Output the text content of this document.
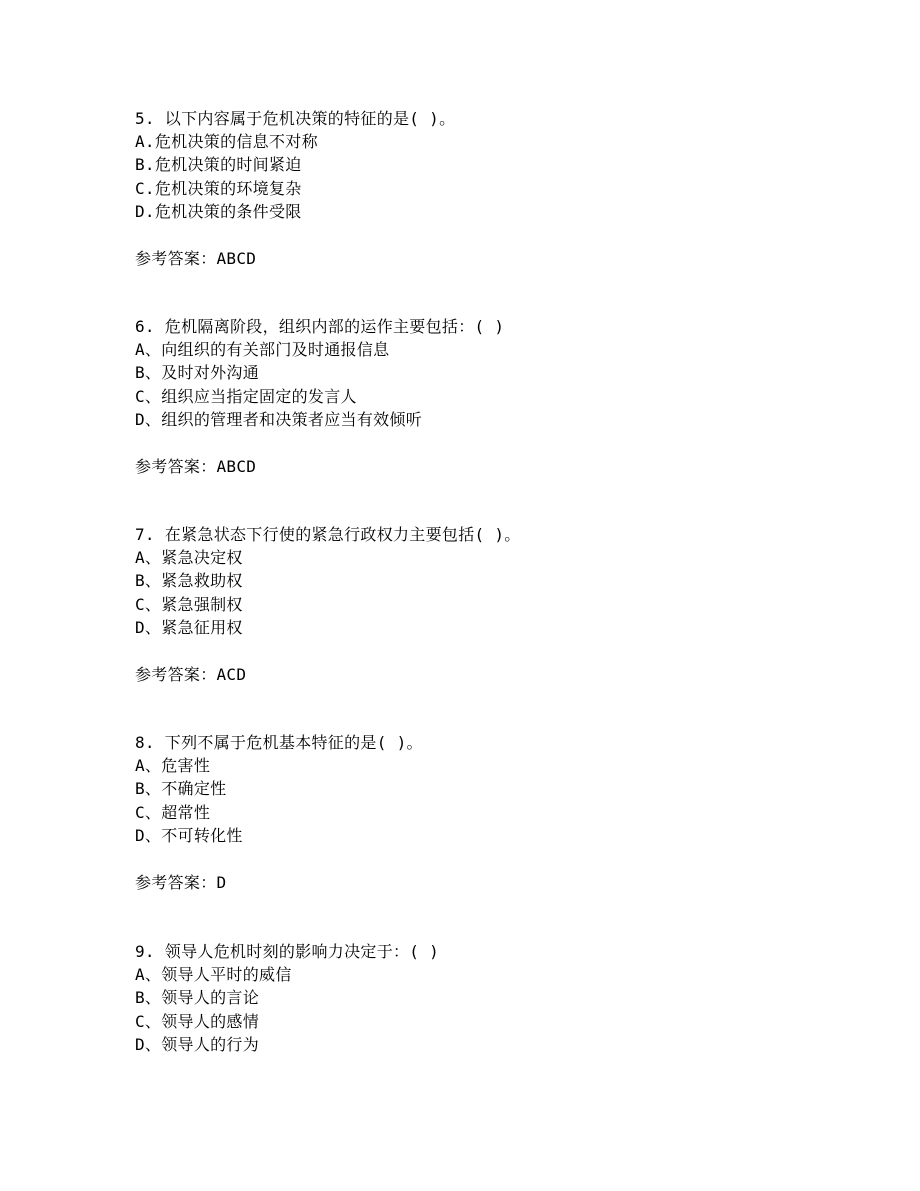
5. 以下内容属于危机决策的特征的是( )。
A.危机决策的信息不对称
B.危机决策的时间紧迫
C.危机决策的环境复杂
D.危机决策的条件受限
参考答案：ABCD
6. 危机隔离阶段，组织内部的运作主要包括：( )
A、向组织的有关部门及时通报信息
B、及时对外沟通
C、组织应当指定固定的发言人
D、组织的管理者和决策者应当有效倾听
参考答案：ABCD
7. 在紧急状态下行使的紧急行政权力主要包括( )。
A、紧急决定权
B、紧急救助权
C、紧急强制权
D、紧急征用权
参考答案：ACD
8. 下列不属于危机基本特征的是( )。
A、危害性
B、不确定性
C、超常性
D、不可转化性
参考答案：D
9. 领导人危机时刻的影响力决定于：( )
A、领导人平时的威信
B、领导人的言论
C、领导人的感情
D、领导人的行为
